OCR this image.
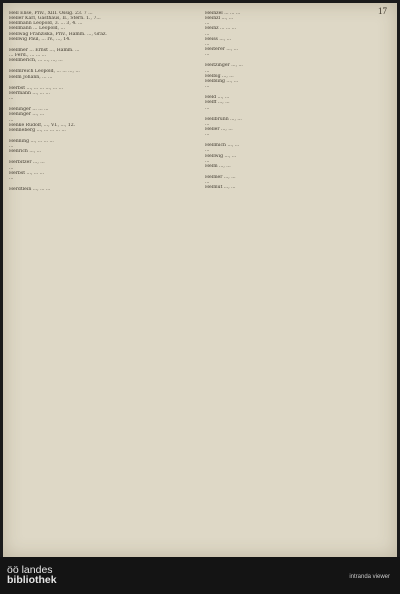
17
Hell Elise, Priv., XIII. Ossig. 23. 7 ...
Heller Karl, Gasthaus, II., Stern. 1., 7...
Hellmann Leopold, 3. ... 3, 4. ...
Hellmann ... Leopold, ...
Hellwag Franziska, Priv., Hamm. ..., Graz.
Hellwig Paul, ... IV., ..., 14.
Hellmer ... Ernst ..., Hamm. ...
... Ferd., ... ... ...
Hellmerich, ... ..., ..., ...
Helmreich Leopold, ... ... ..., ...
Helm Johann, ... ...
Herbst ..., ... ... ..., ... ...
Hermann ..., ... ...
...
Heninger ... ... ...
Heninger ..., ...
...
Henke Rudolf, ..., VI., ..., 12.
Henneberg ..., ... ... ... ...
Henning ..., ... ... ...
...
Henrich ..., ...
Herbitzer ..., ...
...
Herbst ..., ... ...
...
Herdtlein ..., ... ...
Heinzel ... ... ...
Heinzl ..., ...
...
Heinz ... ... ...
...
Heiss ..., ...
...
Heiterer ..., ...
...
Heitzinger ..., ...
...
Helbig ..., ...
Helbling ..., ...
...
Held ..., ...
Helff ..., ...
...
Hellbrunn ..., ...
...
Heller ..., ...
...
Hellmich ..., ...
...
Hellwig ..., ...
...
Helm ..., ...
Helmer ..., ...
...
Helmut ..., ...
öö landes
bibliothek	intranda viewer
